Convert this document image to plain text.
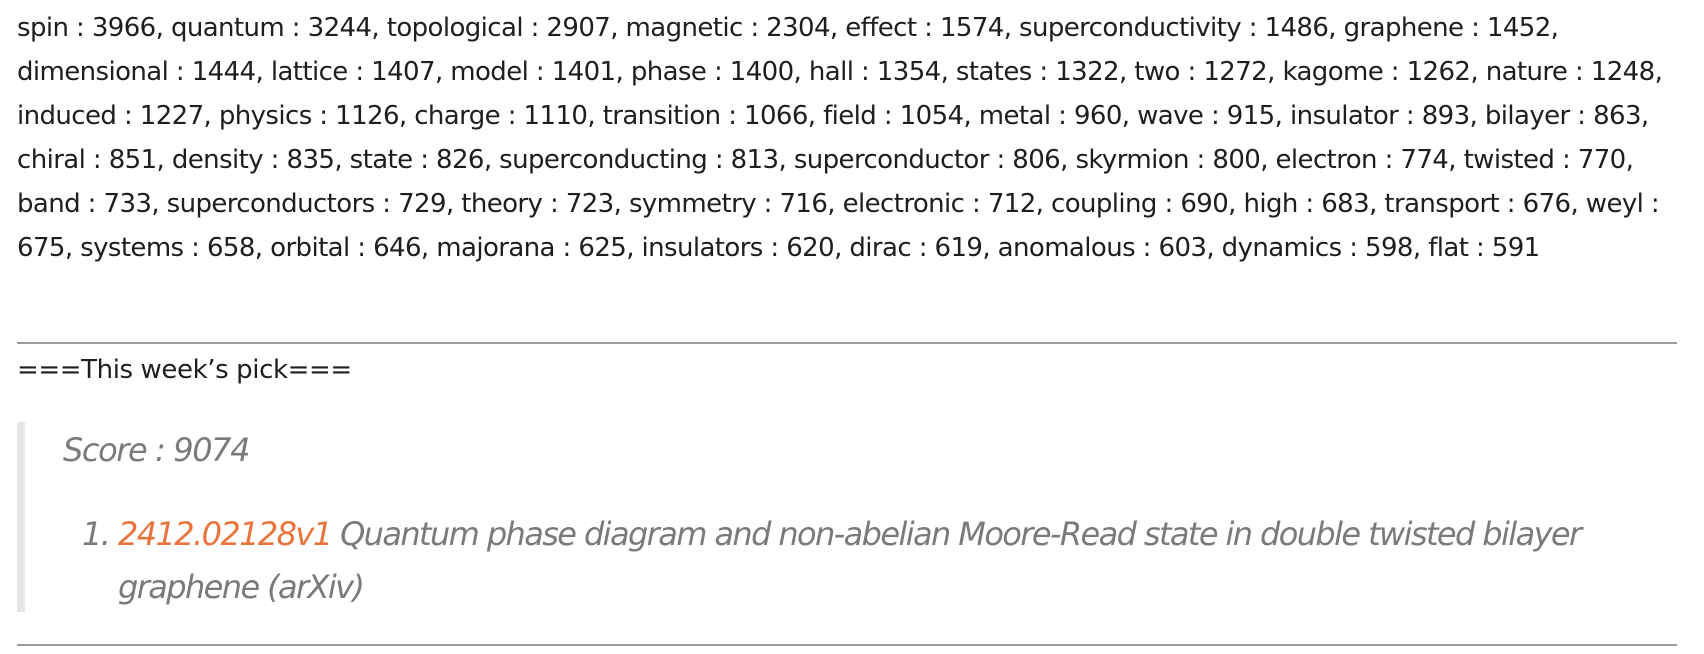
spin : 3966, quantum : 3244, topological : 2907, magnetic : 2304, effect : 1574, superconductivity : 1486, graphene : 1452, dimensional : 1444, lattice : 1407, model : 1401, phase : 1400, hall : 1354, states : 1322, two : 1272, kagome : 1262, nature : 1248, induced : 1227, physics : 1126, charge : 1110, transition : 1066, field : 1054, metal : 960, wave : 915, insulator : 893, bilayer : 863, chiral : 851, density : 835, state : 826, superconducting : 813, superconductor : 806, skyrmion : 800, electron : 774, twisted : 770, band : 733, superconductors : 729, theory : 723, symmetry : 716, electronic : 712, coupling : 690, high : 683, transport : 676, weyl : 675, systems : 658, orbital : 646, majorana : 625, insulators : 620, dirac : 619, anomalous : 603, dynamics : 598, flat : 591

===This week’s pick===

Score : 9074

1. 2412.02128v1 Quantum phase diagram and non-abelian Moore-Read state in double twisted bilayer graphene (arXiv)
